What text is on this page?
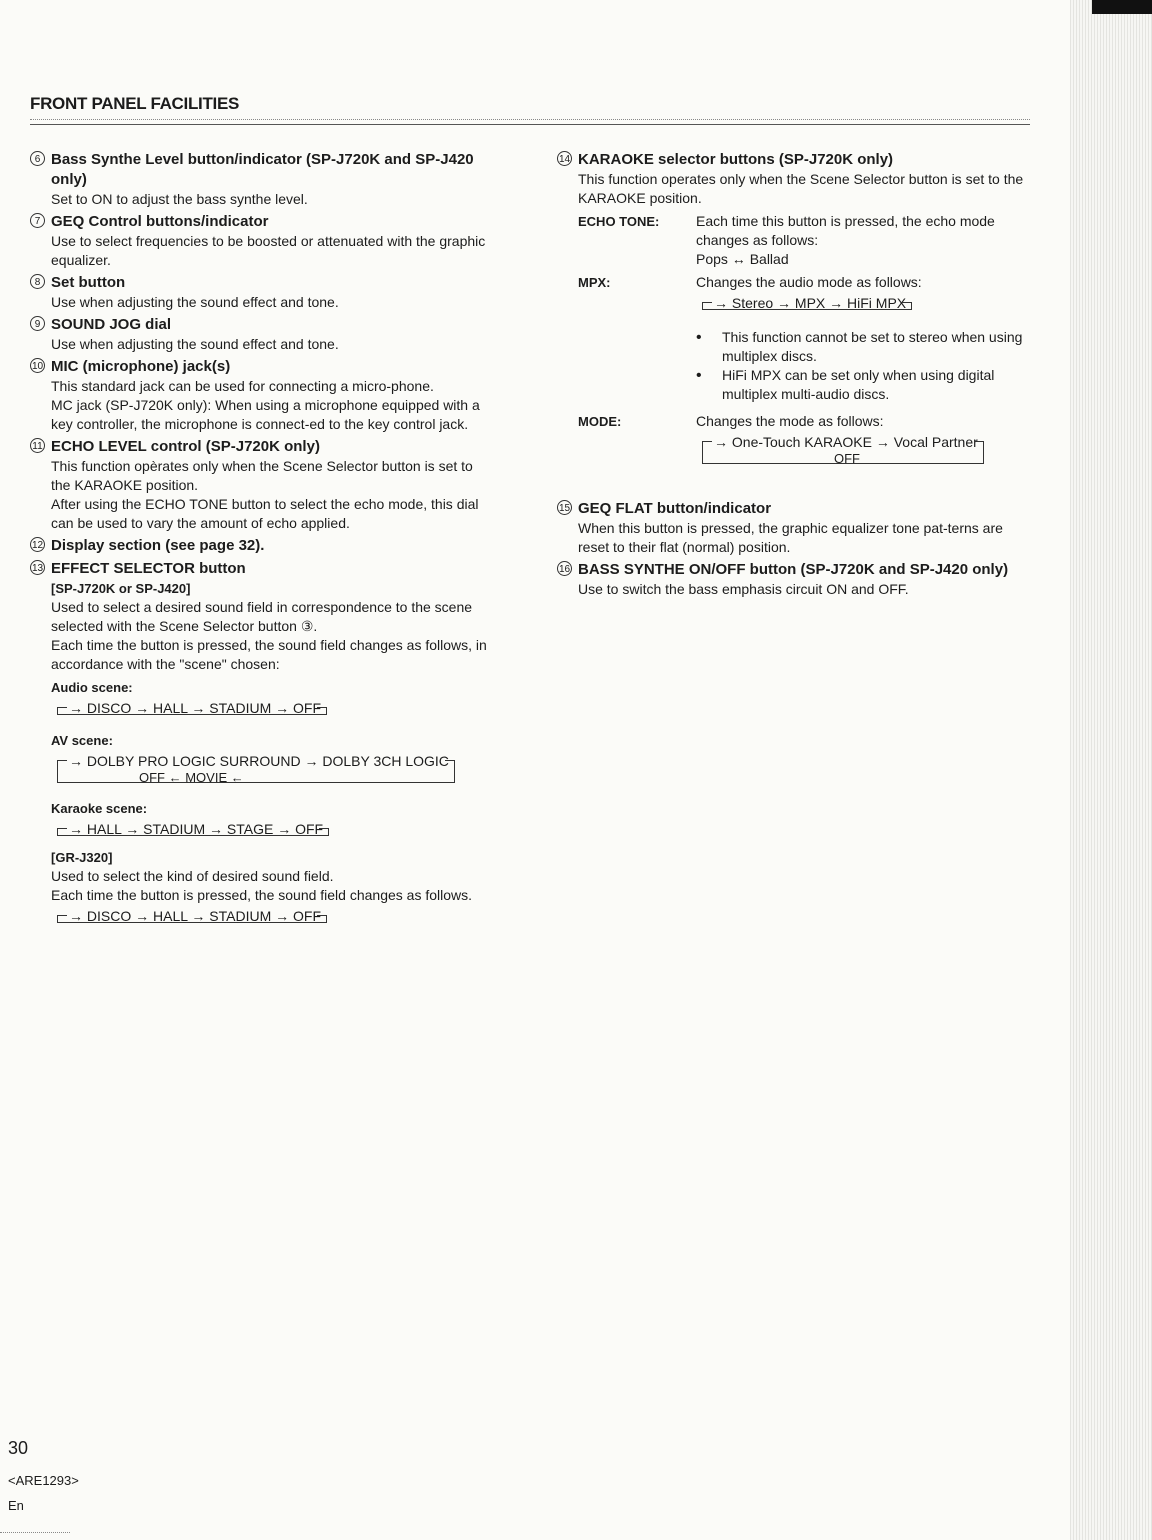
FRONT PANEL FACILITIES
6 Bass Synthe Level button/indicator (SP-J720K and SP-J420 only)

Set to ON to adjust the bass synthe level.

7 GEQ Control buttons/indicator

Use to select frequencies to be boosted or attenuated with the graphic equalizer.

8 Set button

Use when adjusting the sound effect and tone.

9 SOUND JOG dial

Use when adjusting the sound effect and tone.

10 MIC (microphone) jack(s)

This standard jack can be used for connecting a micro-phone.

MC jack (SP-J720K only): When using a microphone equipped with a key controller, the microphone is connect-ed to the key control jack.

11 ECHO LEVEL control (SP-J720K only)

This function opèrates only when the Scene Selector button is set to the KARAOKE position.

After using the ECHO TONE button to select the echo mode, this dial can be used to vary the amount of echo applied.

12 Display section (see page 32).
13 EFFECT SELECTOR button
[SP-J720K or SP-J420]

Used to select a desired sound field in correspondence to the scene selected with the Scene Selector button ③.

Each time the button is pressed, the sound field changes as follows, in accordance with the "scene" chosen:

Audio scene:
→ DISCO → HALL → STADIUM → OFF
AV scene:
→ DOLBY PRO LOGIC SURROUND → DOLBY 3CH LOGIC
OFF ← MOVIE ←
Karaoke scene:
→ HALL → STADIUM → STAGE → OFF
[GR-J320]

Used to select the kind of desired sound field.

Each time the button is pressed, the sound field changes as follows.

→ DISCO → HALL → STADIUM → OFF
14 KARAOKE selector buttons (SP-J720K only)

This function operates only when the Scene Selector button is set to the KARAOKE position.

ECHO TONE:	Each time this button is pressed, the echo mode changes as follows:

Pops ↔ Ballad

MPX:	Changes the audio mode as follows:

→ Stereo → MPX → HiFi MPX
• This function cannot be set to stereo when using multiplex discs.
• HiFi MPX can be set only when using digital multiplex multi-audio discs.
MODE:	Changes the mode as follows:

→ One-Touch KARAOKE → Vocal Partner
OFF
15 GEQ FLAT button/indicator

When this button is pressed, the graphic equalizer tone pat-terns are reset to their flat (normal) position.

16 BASS SYNTHE ON/OFF button (SP-J720K and SP-J420 only)

Use to switch the bass emphasis circuit ON and OFF.

30
<ARE1293>
En
